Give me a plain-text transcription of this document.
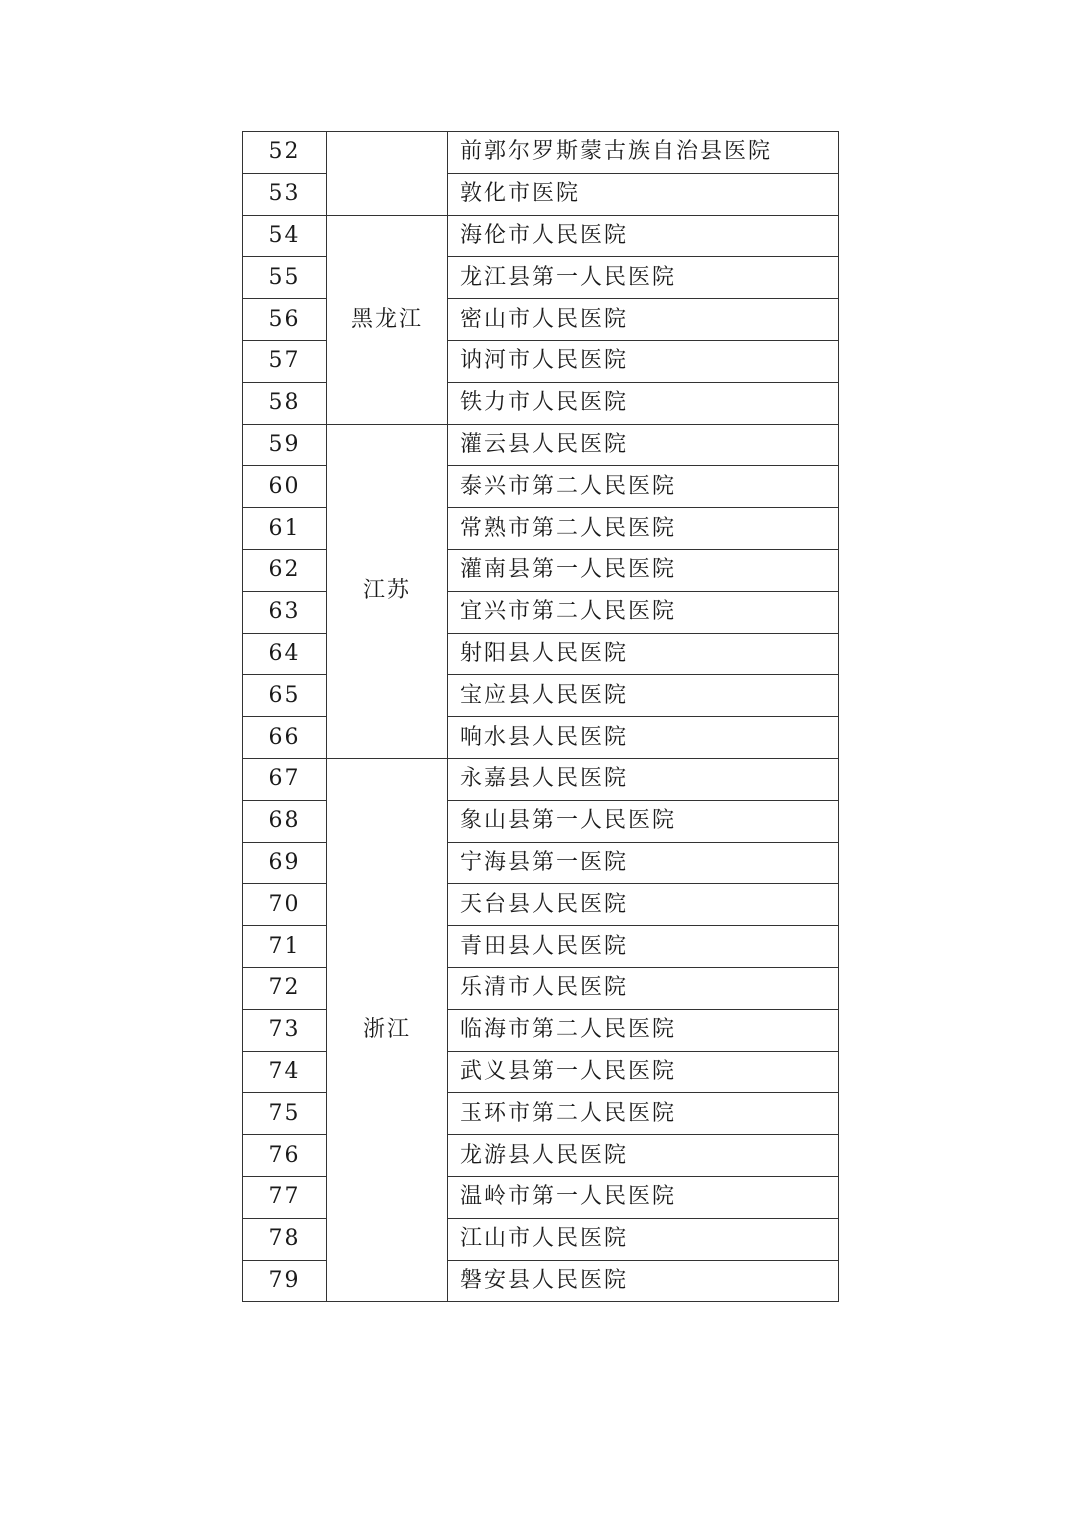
52		前郭尔罗斯蒙古族自治县医院
53		敦化市医院
54	黑龙江	海伦市人民医院
55		龙江县第一人民医院
56		密山市人民医院
57		讷河市人民医院
58		铁力市人民医院
59	江苏	灌云县人民医院
60		泰兴市第二人民医院
61		常熟市第二人民医院
62		灌南县第一人民医院
63		宜兴市第二人民医院
64		射阳县人民医院
65		宝应县人民医院
66		响水县人民医院
67	浙江	永嘉县人民医院
68		象山县第一人民医院
69		宁海县第一医院
70		天台县人民医院
71		青田县人民医院
72		乐清市人民医院
73		临海市第二人民医院
74		武义县第一人民医院
75		玉环市第二人民医院
76		龙游县人民医院
77		温岭市第一人民医院
78		江山市人民医院
79		磐安县人民医院
